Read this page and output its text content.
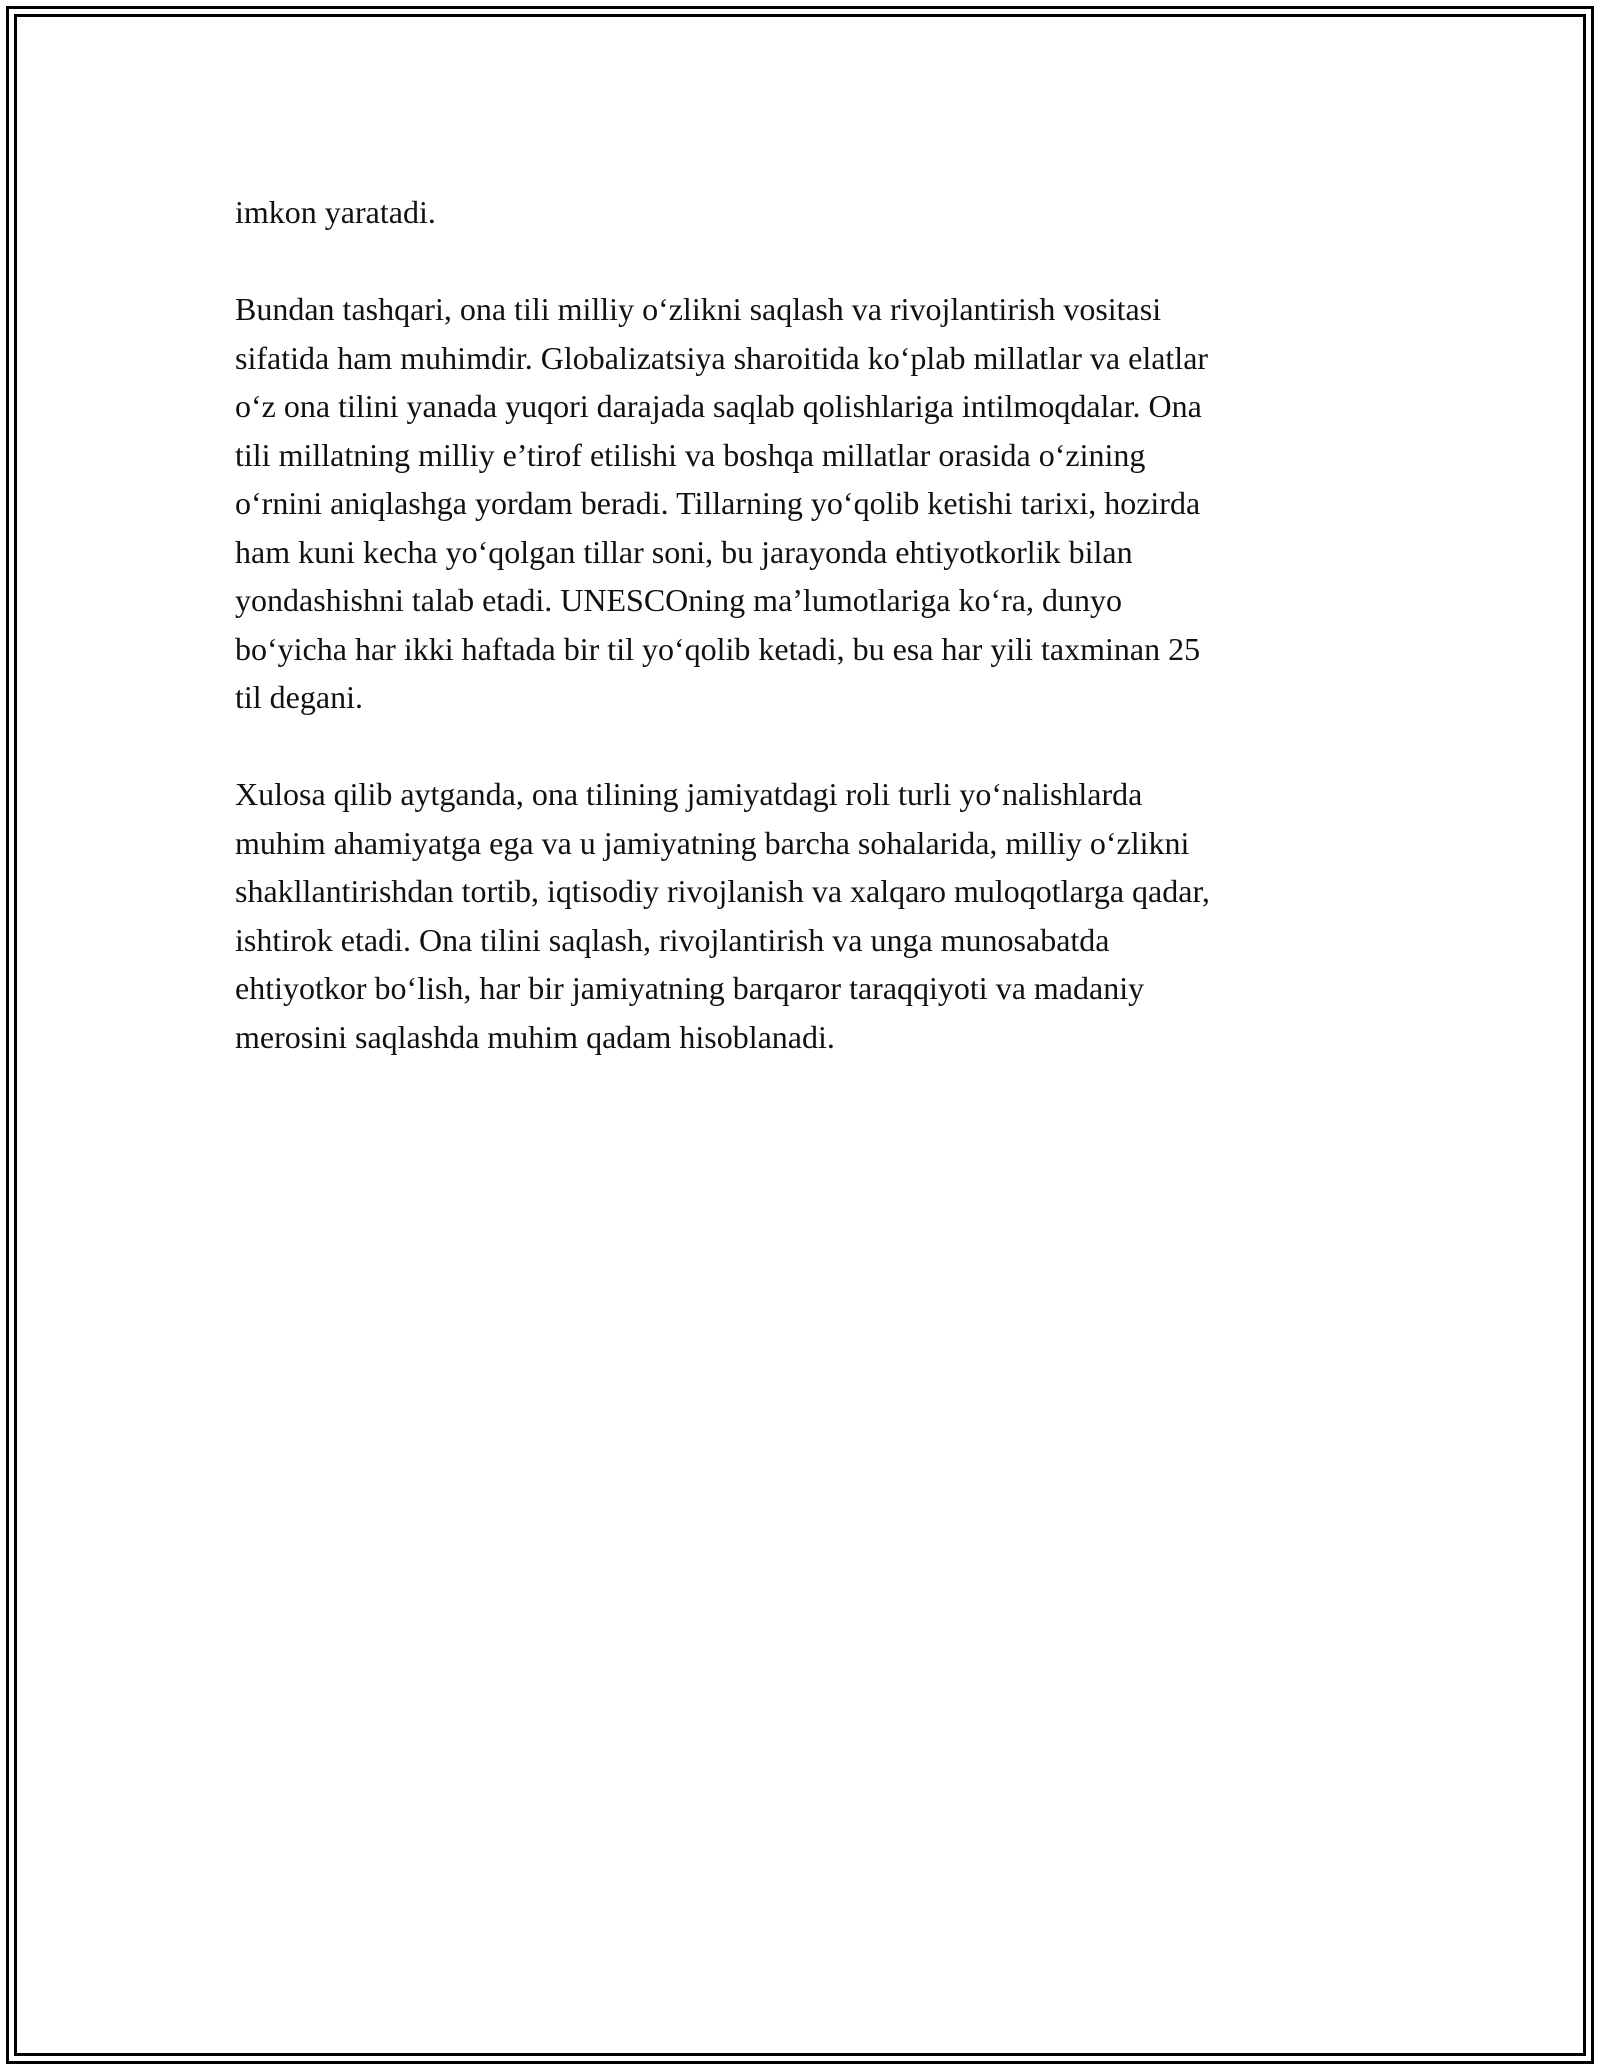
imkon yaratadi.

Bundan tashqari, ona tili milliy o‘zlikni saqlash va rivojlantirish vositasi
sifatida ham muhimdir. Globalizatsiya sharoitida ko‘plab millatlar va elatlar
o‘z ona tilini yanada yuqori darajada saqlab qolishlariga intilmoqdalar. Ona
tili millatning milliy e’tirof etilishi va boshqa millatlar orasida o‘zining
o‘rnini aniqlashga yordam beradi. Tillarning yo‘qolib ketishi tarixi, hozirda
ham kuni kecha yo‘qolgan tillar soni, bu jarayonda ehtiyotkorlik bilan
yondashishni talab etadi. UNESCOning ma’lumotlariga ko‘ra, dunyo
bo‘yicha har ikki haftada bir til yo‘qolib ketadi, bu esa har yili taxminan 25
til degani.

Xulosa qilib aytganda, ona tilining jamiyatdagi roli turli yo‘nalishlarda
muhim ahamiyatga ega va u jamiyatning barcha sohalarida, milliy o‘zlikni
shakllantirishdan tortib, iqtisodiy rivojlanish va xalqaro muloqotlarga qadar,
ishtirok etadi. Ona tilini saqlash, rivojlantirish va unga munosabatda
ehtiyotkor bo‘lish, har bir jamiyatning barqaror taraqqiyoti va madaniy
merosini saqlashda muhim qadam hisoblanadi.
